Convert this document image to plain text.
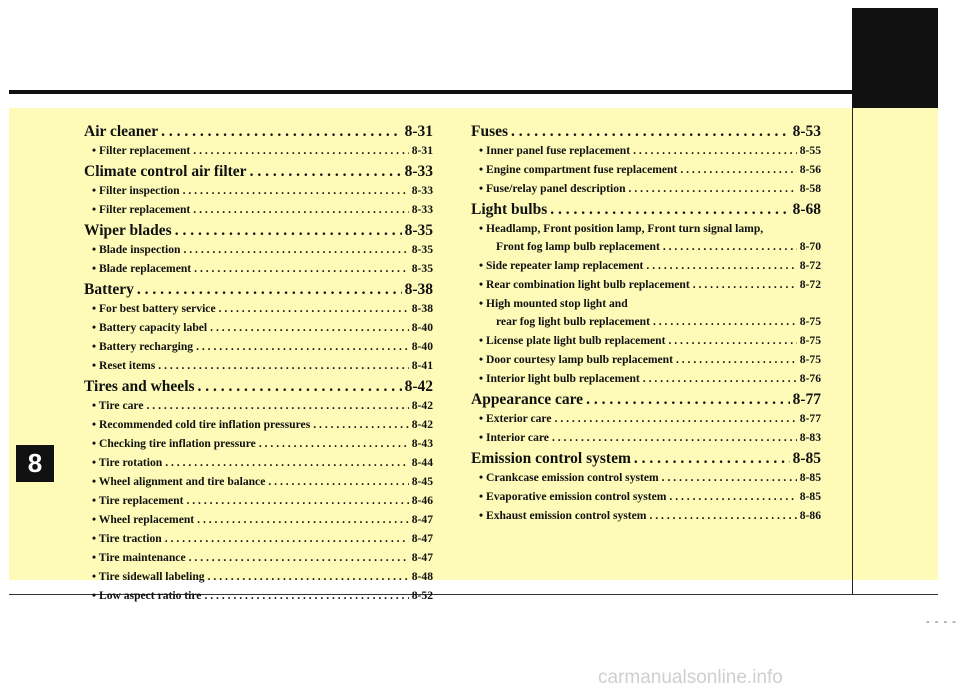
8
Air cleaner . . .	8-31
• Filter replacement . . .	8-31
Climate control air filter . . .	8-33
• Filter inspection . . .	8-33
• Filter replacement . . .	8-33
Wiper blades . . .	8-35
• Blade inspection . . .	8-35
• Blade replacement . . .	8-35
Battery . . .	8-38
• For best battery service . . .	8-38
• Battery capacity label . . .	8-40
• Battery recharging . . .	8-40
• Reset items . . .	8-41
Tires and wheels . . .	8-42
• Tire care . . .	8-42
• Recommended cold tire inflation pressures . . .	8-42
• Checking tire inflation pressure . . .	8-43
• Tire rotation . . .	8-44
• Wheel alignment and tire balance . . .	8-45
• Tire replacement . . .	8-46
• Wheel replacement . . .	8-47
• Tire traction . . .	8-47
• Tire maintenance . . .	8-47
• Tire sidewall labeling . . .	8-48
• Low aspect ratio tire . . .	8-52
Fuses . . .	8-53
• Inner panel fuse replacement . . .	8-55
• Engine compartment fuse replacement . . .	8-56
• Fuse/relay panel description . . .	8-58
Light bulbs . . .	8-68
• Headlamp, Front position lamp, Front turn signal lamp,
Front fog lamp bulb replacement . . .	8-70
• Side repeater lamp replacement . . .	8-72
• Rear combination light bulb replacement . . .	8-72
• High mounted stop light and
rear fog light bulb replacement . . .	8-75
• License plate light bulb replacement . . .	8-75
• Door courtesy lamp bulb replacement . . .	8-75
• Interior light bulb replacement . . .	8-76
Appearance care . . .	8-77
• Exterior care . . .	8-77
• Interior care . . .	8-83
Emission control system . . .	8-85
• Crankcase emission control system . . .	8-85
• Evaporative emission control system . . .	8-85
• Exhaust emission control system . . .	8-86
- - - -
carmanualsonline.info
